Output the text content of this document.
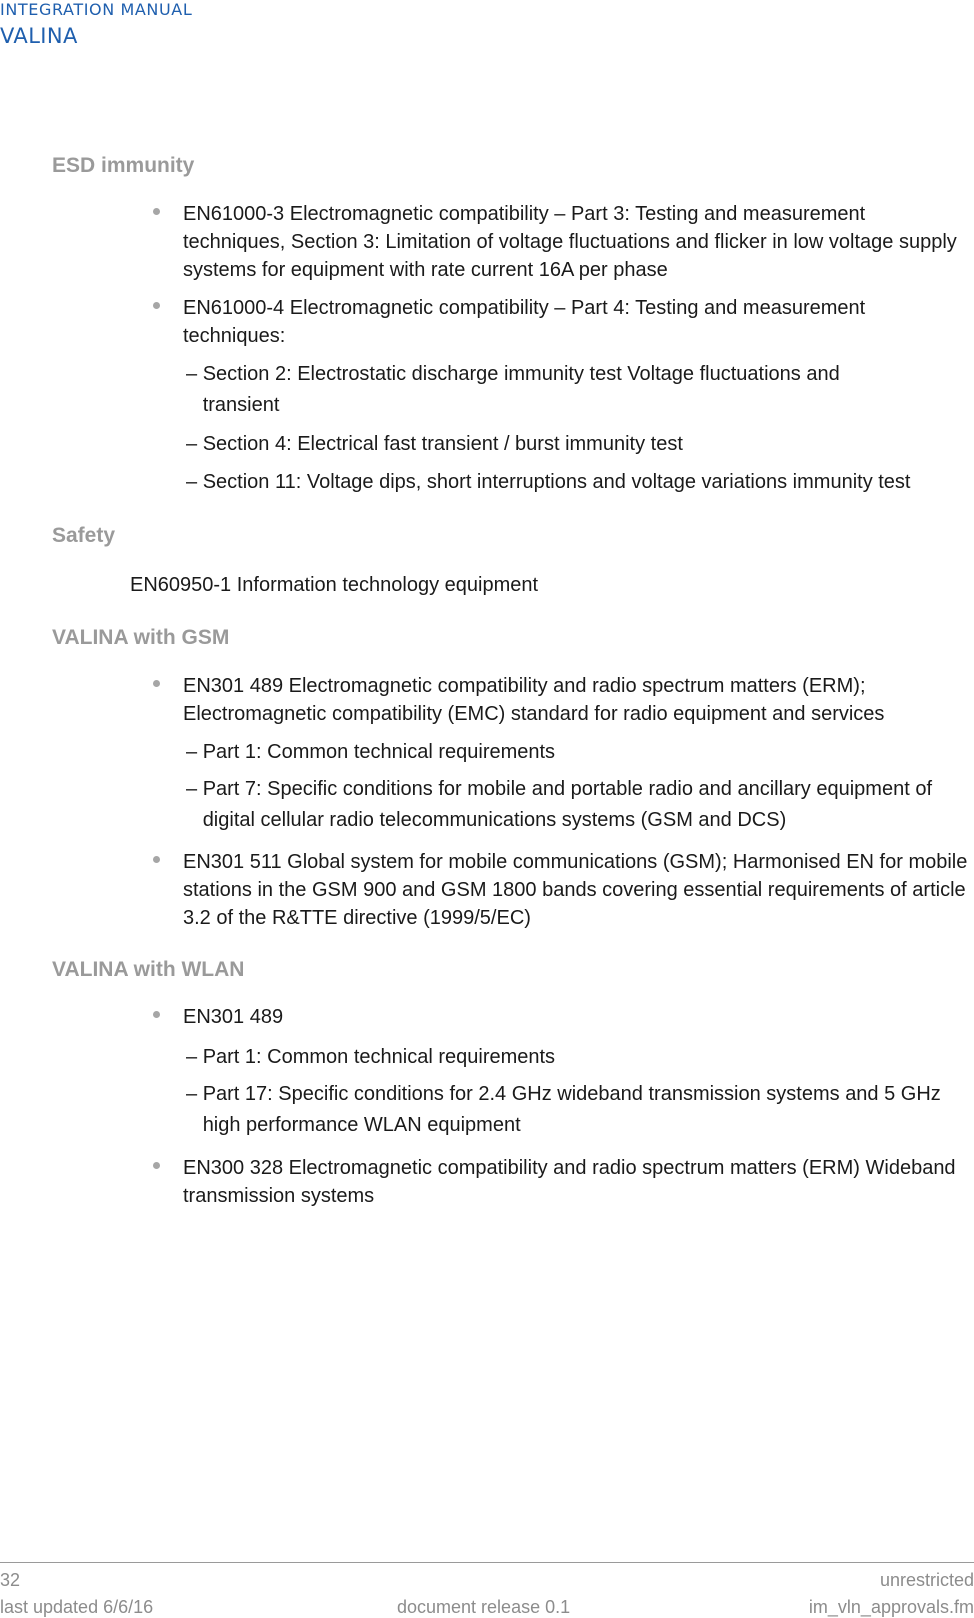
INTEGRATION MANUAL
VALINA
ESD immunity
EN61000-3 Electromagnetic compatibility – Part 3: Testing and measurement techniques, Section 3: Limitation of voltage fluctuations and flicker in low voltage supply systems for equipment with rate current 16A per phase
EN61000-4 Electromagnetic compatibility – Part 4: Testing and measurement techniques:
– Section 2: Electrostatic discharge immunity test Voltage fluctuations and transient
– Section 4: Electrical fast transient / burst immunity test
– Section 11: Voltage dips, short interruptions and voltage variations immunity test
Safety
EN60950-1 Information technology equipment
VALINA with GSM
EN301 489 Electromagnetic compatibility and radio spectrum matters (ERM); Electromagnetic compatibility (EMC) standard for radio equipment and services
– Part 1: Common technical requirements
– Part 7: Specific conditions for mobile and portable radio and ancillary equipment of digital cellular radio telecommunications systems (GSM and DCS)
EN301 511 Global system for mobile communications (GSM); Harmonised EN for mobile stations in the GSM 900 and GSM 1800 bands covering essential requirements of article 3.2 of the R&TTE directive (1999/5/EC)
VALINA with WLAN
EN301 489
– Part 1: Common technical requirements
– Part 17: Specific conditions for 2.4 GHz wideband transmission systems and 5 GHz high performance WLAN equipment
EN300 328 Electromagnetic compatibility and radio spectrum matters (ERM) Wideband transmission systems
32	unrestricted
last updated 6/6/16	document release 0.1	im_vln_approvals.fm
